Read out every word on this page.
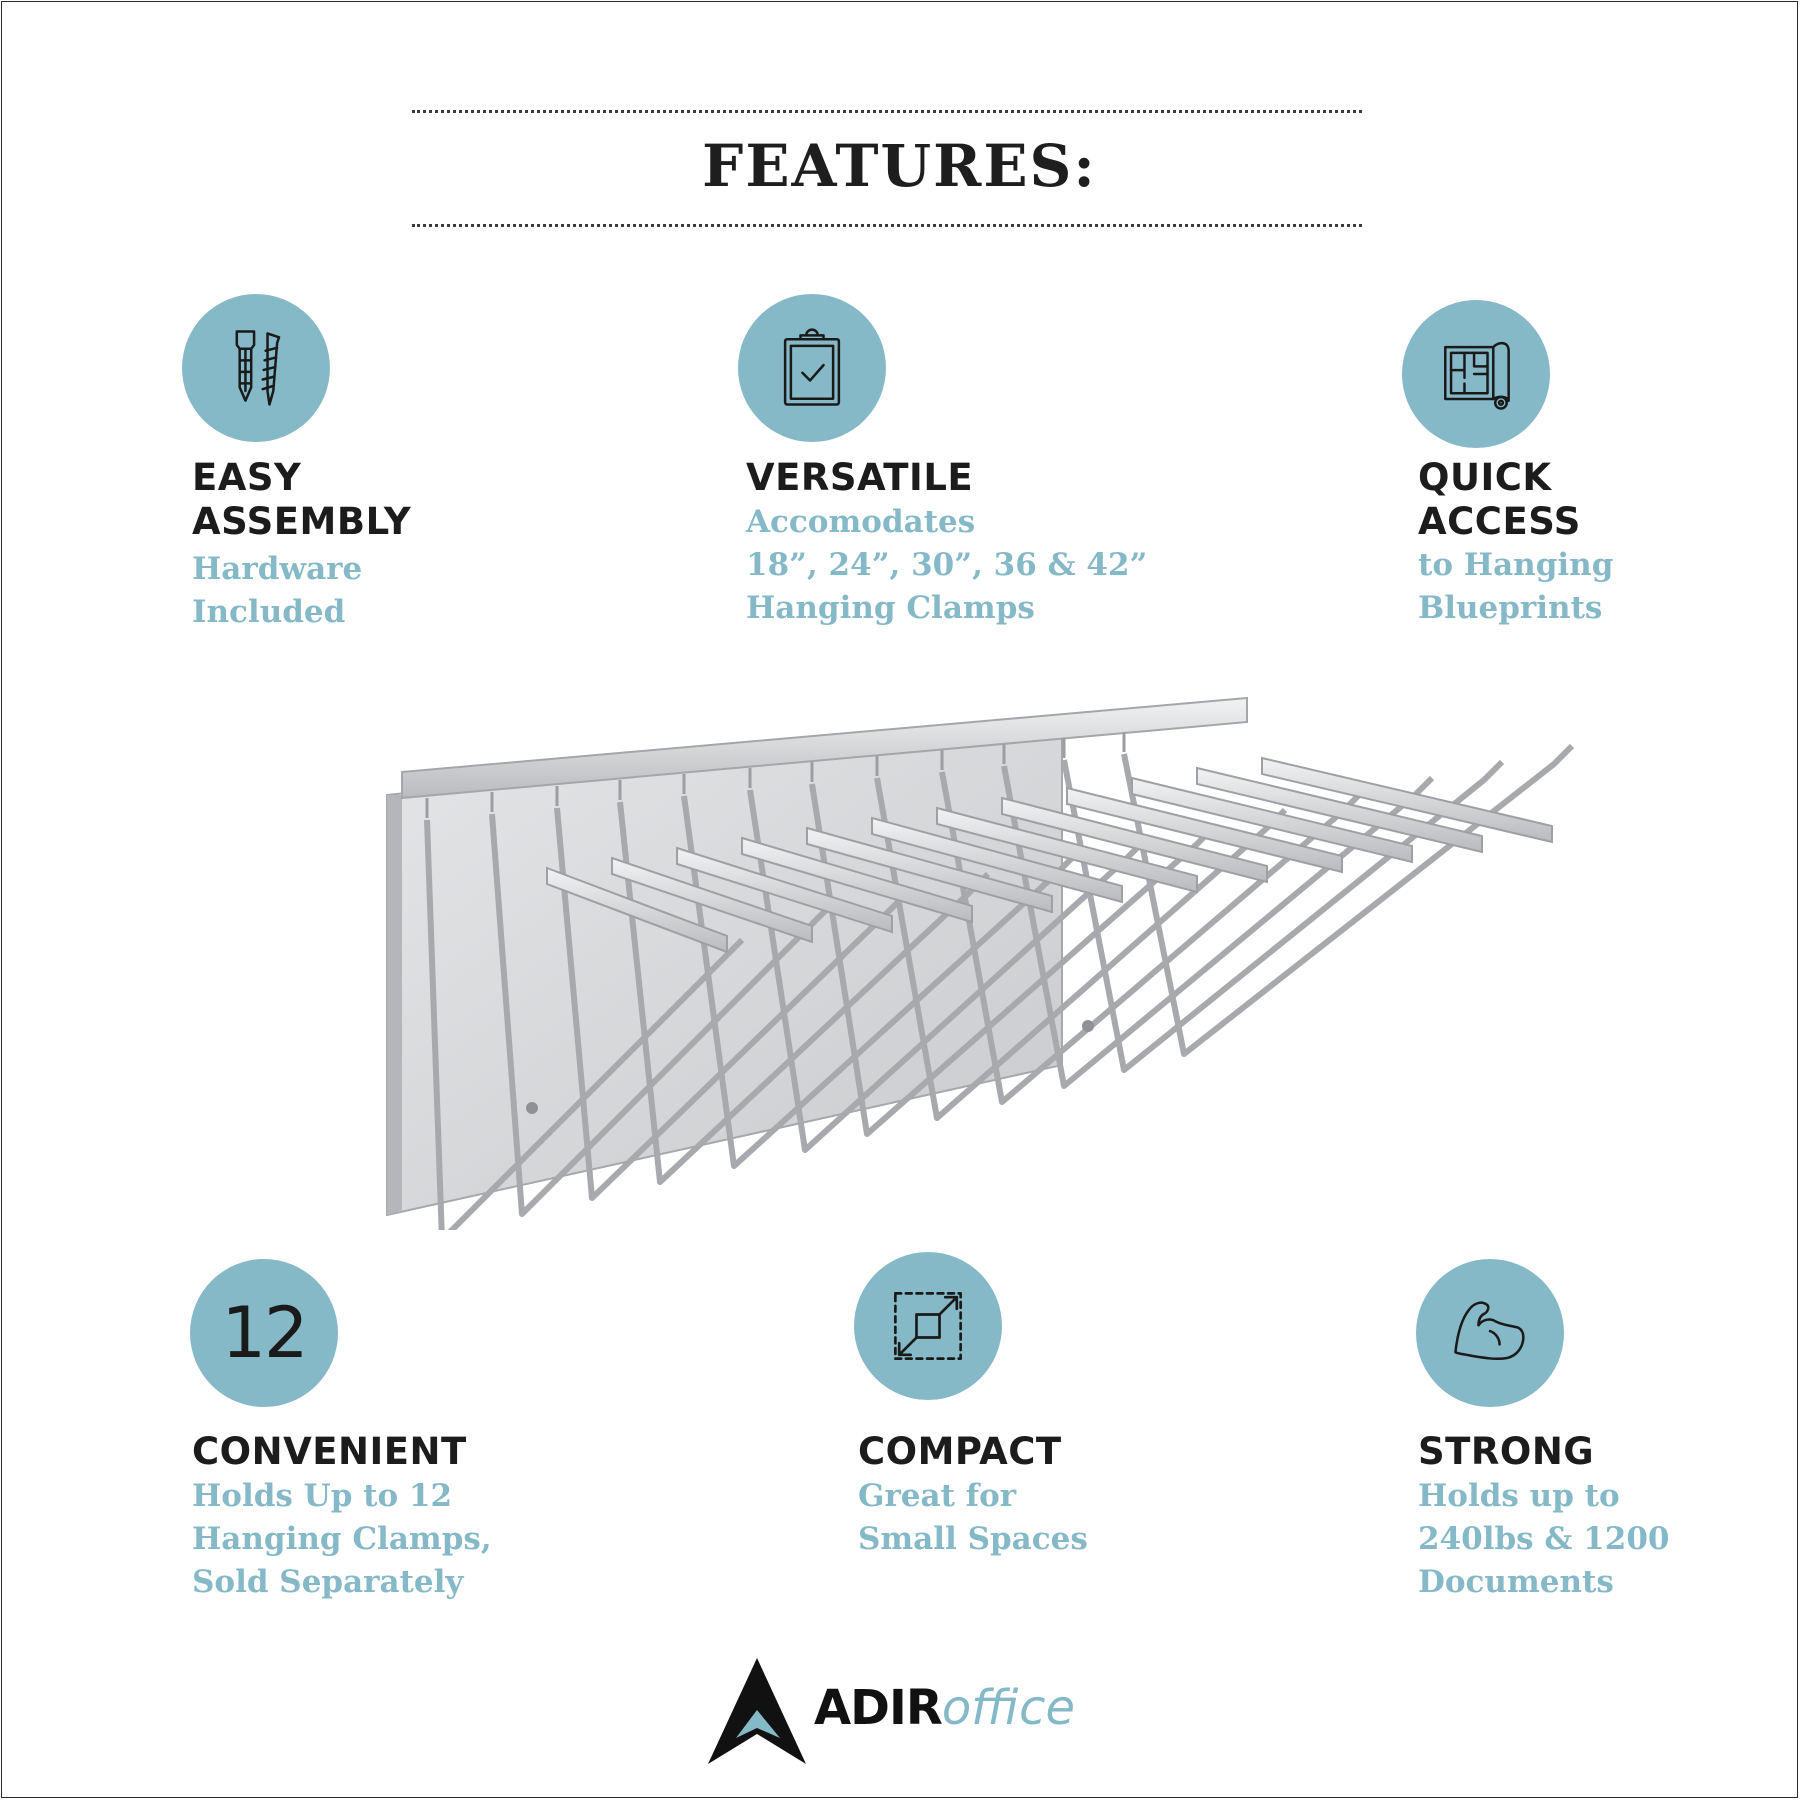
FEATURES:
EASY
ASSEMBLY

Hardware
Included

VERSATILE

Accomodates
18”, 24”, 30”, 36 & 42”
Hanging Clamps

QUICK
ACCESS

to Hanging
Blueprints

12
CONVENIENT

Holds Up to 12
Hanging Clamps,
Sold Separately

COMPACT

Great for
Small Spaces

STRONG

Holds up to
240lbs & 1200
Documents

ADIRoffice
